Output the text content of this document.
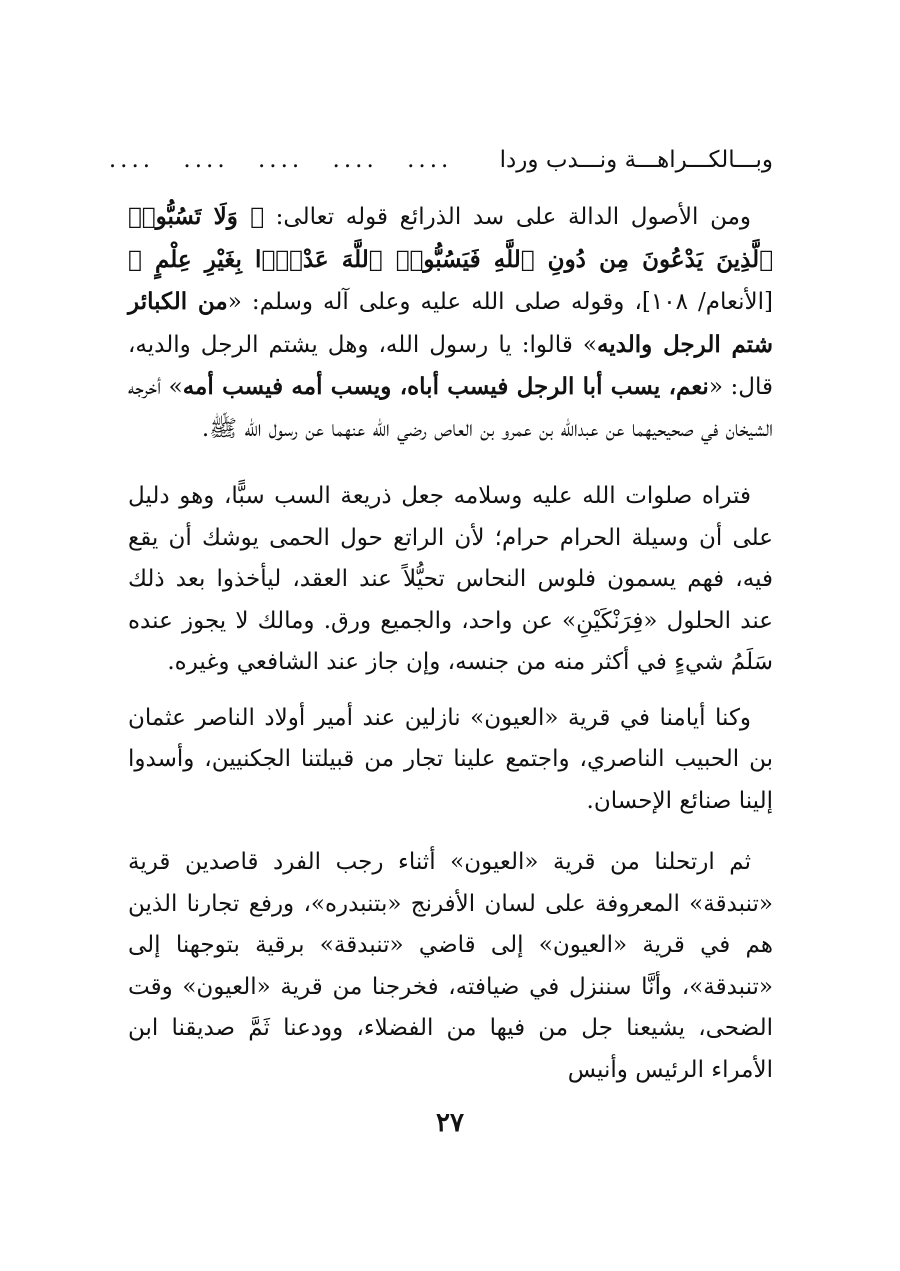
وبـــالكـــراهـــة ونـــدب وردا .... .... .... .... ....

ومن الأصول الدالة على سد الذرائع قوله تعالى: ﴿ وَلَا تَسُبُّوا۟ ٱلَّذِينَ يَدْعُونَ مِن دُونِ ٱللَّهِ فَيَسُبُّوا۟ ٱللَّهَ عَدْوًۢا بِغَيْرِ عِلْمٍ ﴾ [الأنعام/ ١٠٨]، وقوله صلى الله عليه وعلى آله وسلم: «من الكبائر شتم الرجل والديه» قالوا: يا رسول الله، وهل يشتم الرجل والديه، قال: «نعم، يسب أبا الرجل فيسب أباه، ويسب أمه فيسب أمه» أخرجه الشيخان في صحيحيهما عن عبدالله بن عمرو بن العاص رضي الله عنهما عن رسول الله ﷺ.

فتراه صلوات الله عليه وسلامه جعل ذريعة السب سبًّا، وهو دليل على أن وسيلة الحرام حرام؛ لأن الراتع حول الحمى يوشك أن يقع فيه، فهم يسمون فلوس النحاس تحيُّلاً عند العقد، ليأخذوا بعد ذلك عند الحلول «فِرَنْكَيْنِ» عن واحد، والجميع ورق. ومالك لا يجوز عنده سَلَمُ شيءٍ في أكثر منه من جنسه، وإن جاز عند الشافعي وغيره.

وكنا أيامنا في قرية «العيون» نازلين عند أمير أولاد الناصر عثمان بن الحبيب الناصري، واجتمع علينا تجار من قبيلتنا الجكنيين، وأسدوا إلينا صنائع الإحسان.

ثم ارتحلنا من قرية «العيون» أثناء رجب الفرد قاصدين قرية «تنبدقة» المعروفة على لسان الأفرنج «بتنبدره»، ورفع تجارنا الذين هم في قرية «العيون» إلى قاضي «تنبدقة» برقية بتوجهنا إلى «تنبدقة»، وأنَّا سننزل في ضيافته، فخرجنا من قرية «العيون» وقت الضحى، يشيعنا جل من فيها من الفضلاء، وودعنا ثَمَّ صديقنا ابن الأمراء الرئيس وأنيس

٢٧
